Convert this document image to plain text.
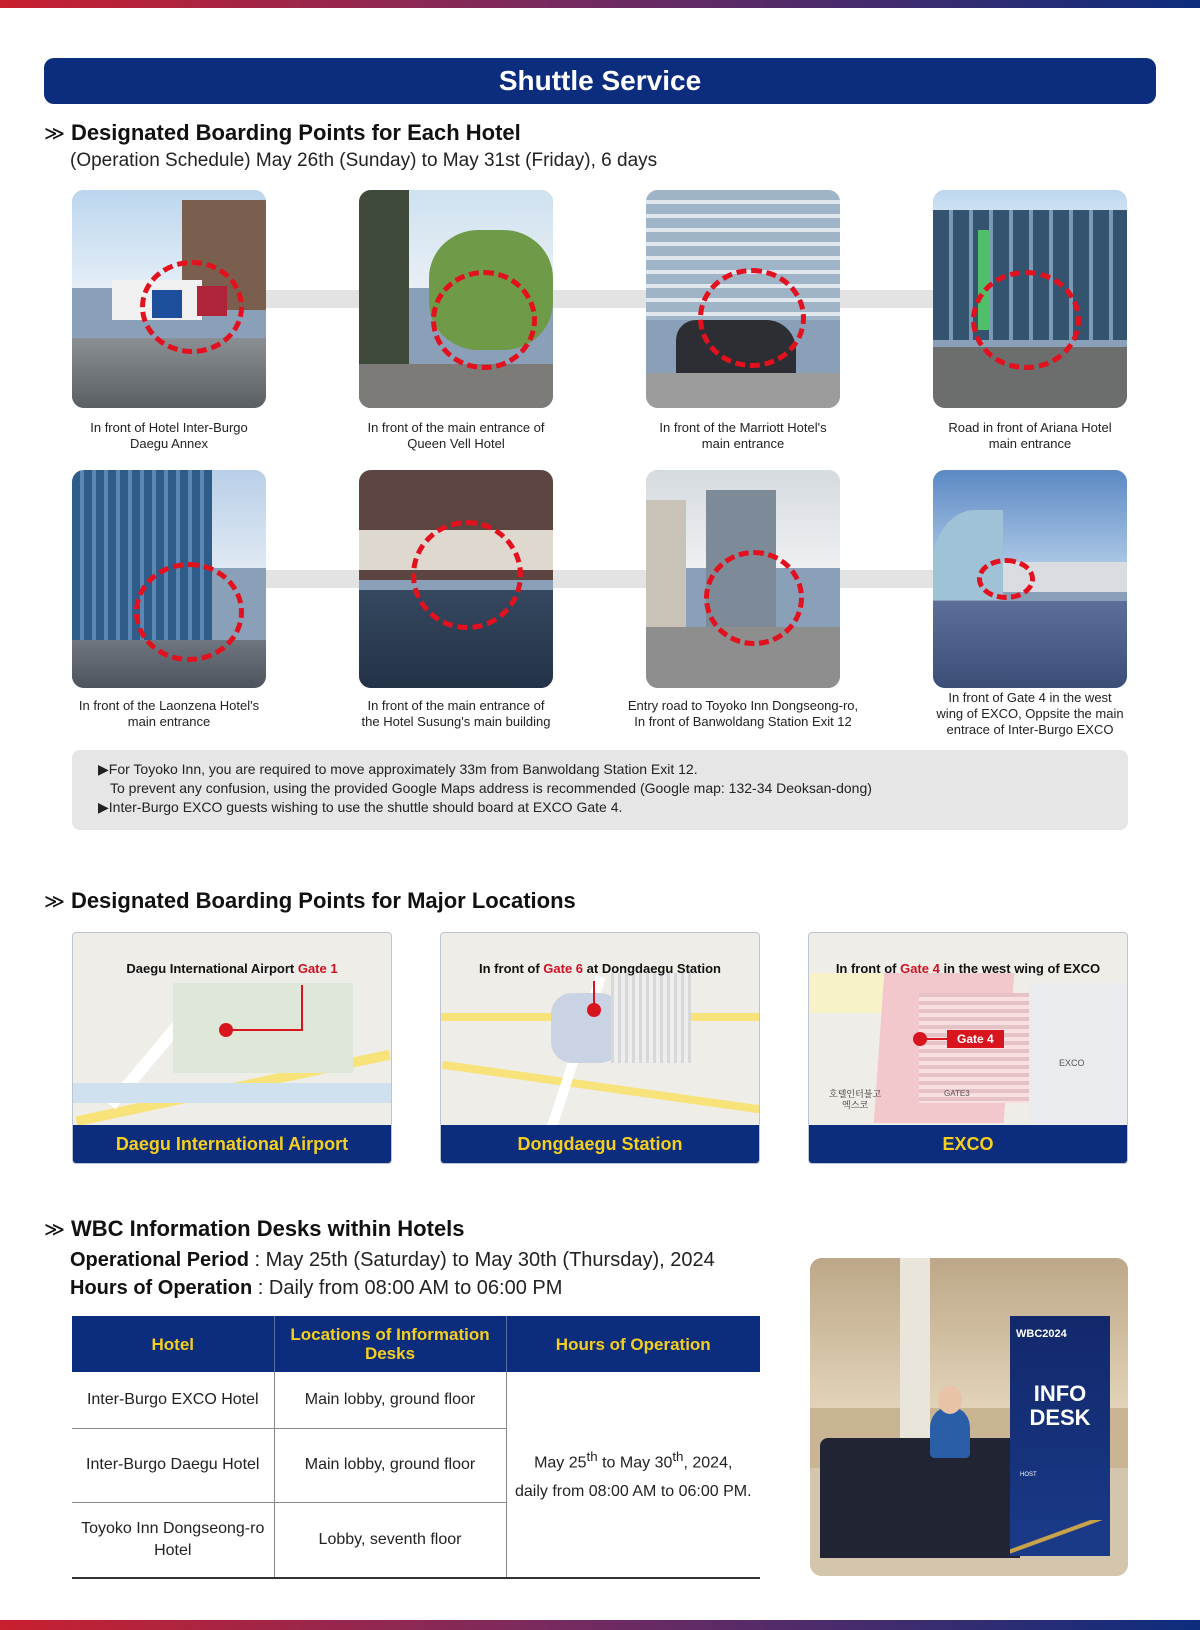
Shuttle Service
≫ Designated Boarding Points for Each Hotel
(Operation Schedule) May 26th (Sunday) to May 31st (Friday), 6 days
In front of Hotel Inter-Burgo
Daegu Annex
In front of the main entrance of
Queen Vell Hotel
In front of the Marriott Hotel's
main entrance
Road in front of Ariana Hotel
main entrance
In front of the Laonzena Hotel's
main entrance
In front of the main entrance of
the Hotel Susung's main building
Entry road to Toyoko Inn Dongseong-ro,
In front of Banwoldang Station Exit 12
In front of Gate 4 in the west
wing of EXCO, Oppsite the main
entrace of Inter-Burgo EXCO
▶For Toyoko Inn, you are required to move approximately 33m from Banwoldang Station Exit 12.
To prevent any confusion, using the provided Google Maps address is recommended (Google map: 132-34 Deoksan-dong)
▶Inter-Burgo EXCO guests wishing to use the shuttle should board at EXCO Gate 4.
≫ Designated Boarding Points for Major Locations
Daegu International Airport Gate 1
Daegu International Airport
In front of Gate 6 at Dongdaegu Station
Dongdaegu Station
In front of Gate 4 in the west wing of EXCO
Gate 4
EXCO
GATE3
호텔인터불고
엑스코
EXCO
≫ WBC Information Desks within Hotels
Operational Period : May 25th (Saturday) to May 30th (Thursday), 2024
Hours of Operation : Daily from 08:00 AM to 06:00 PM
Hotel	Locations of Information Desks	Hours of Operation
Inter-Burgo EXCO Hotel	Main lobby, ground floor	May 25th to May 30th, 2024,
daily from 08:00 AM to 06:00 PM.

Inter-Burgo Daegu Hotel	Main lobby, ground floor	
Toyoko Inn Dongseong-ro Hotel	Lobby, seventh floor	
WBC2024
INFO
DESK
HOST
